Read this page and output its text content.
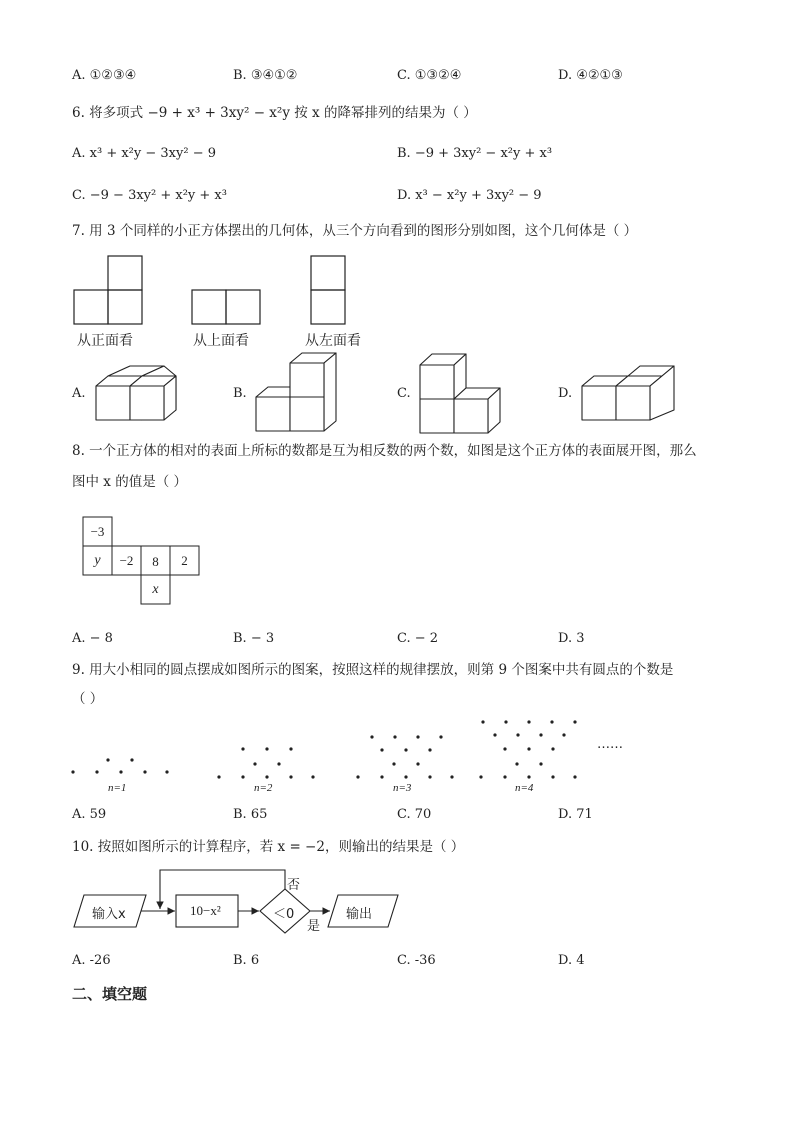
A. ①②③④	B. ③④①②	C. ①③②④	D. ④②①③
6. 将多项式 −9 + x³ + 3xy² − x²y 按 x 的降幂排列的结果为（ ）
A. x³ + x²y − 3xy² − 9	B. −9 + 3xy² − x²y + x³
C. −9 − 3xy² + x²y + x³	D. x³ − x²y + 3xy² − 9
7. 用 3 个同样的小正方体摆出的几何体，从三个方向看到的图形分别如图，这个几何体是（ ）
从正面看	从上面看	从左面看
A.	B.	C.	D.
8. 一个正方体的相对的表面上所标的数都是互为相反数的两个数，如图是这个正方体的表面展开图，那么
图中 x 的值是（ ）
−3
y	−2	8	2
x
A. − 8	B. − 3	C. − 2	D. 3
9. 用大小相同的圆点摆成如图所示的图案，按照这样的规律摆放，则第 9 个图案中共有圆点的个数是
（ ）
n=1	n=2	n=3	n=4
……
A. 59	B. 65	C. 70	D. 71
10. 按照如图所示的计算程序，若 x = −2，则输出的结果是（ ）
输入x	10−x²	＜0
否
是
输出
A. -26	B. 6	C. -36	D. 4
二、填空题
